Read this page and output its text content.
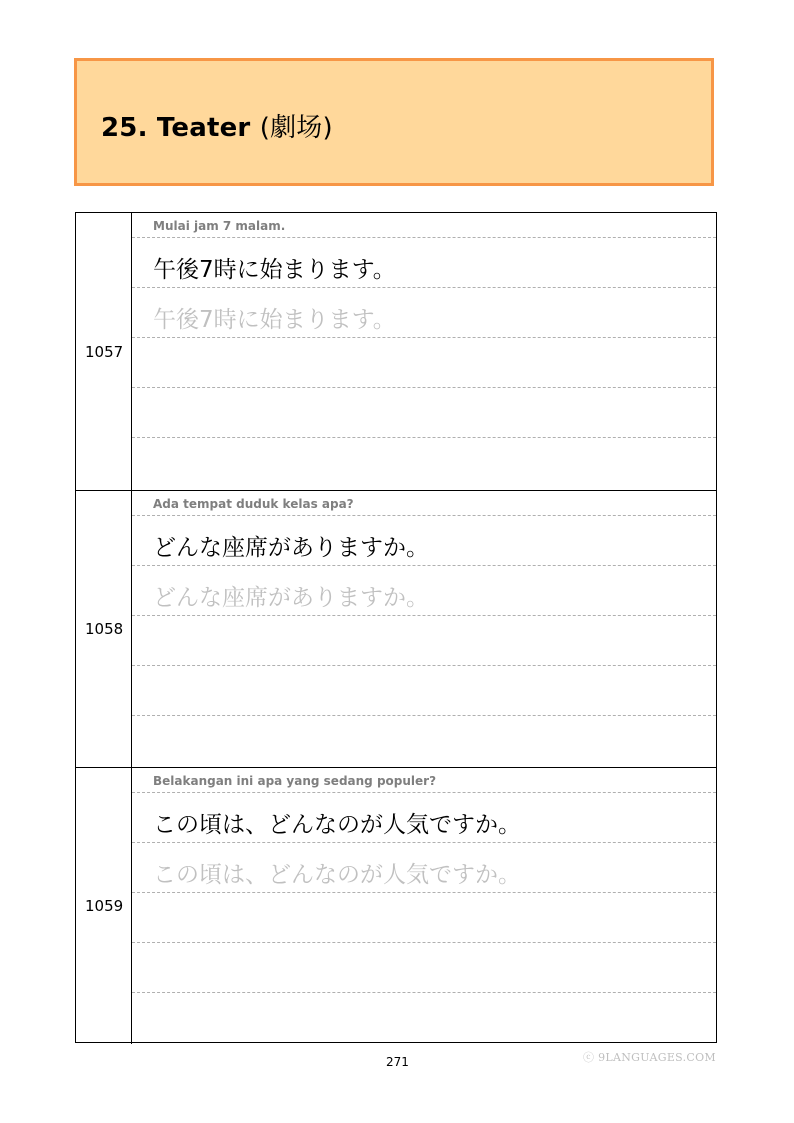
25. Teater (劇场)
1057
Mulai jam 7 malam.
午後7時に始まります。
午後7時に始まります。
1058
Ada tempat duduk kelas apa?
どんな座席がありますか。
どんな座席がありますか。
1059
Belakangan ini apa yang sedang populer?
この頃は、どんなのが人気ですか。
この頃は、どんなのが人気ですか。
271	ⓒ 9LANGUAGES.COM
